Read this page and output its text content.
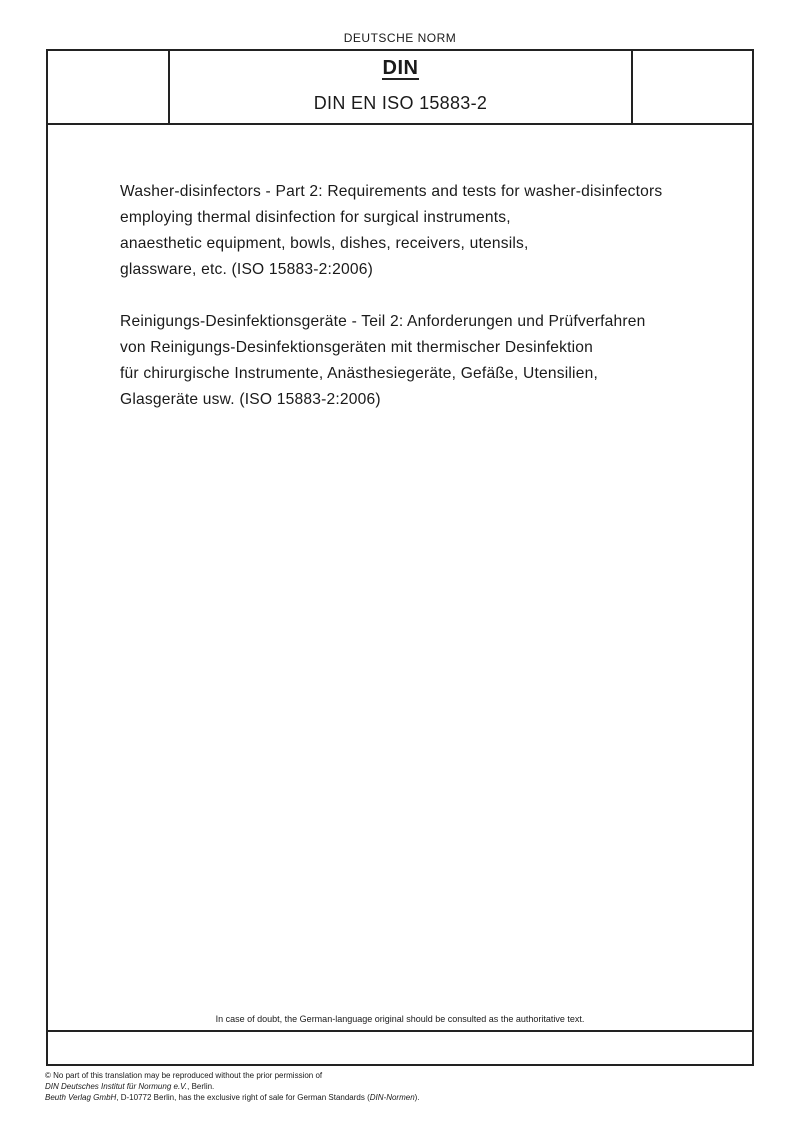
DEUTSCHE NORM
DIN
DIN EN ISO 15883-2
Washer-disinfectors - Part 2: Requirements and tests for washer-disinfectors
employing thermal disinfection for surgical instruments,
anaesthetic equipment, bowls, dishes, receivers, utensils,
glassware, etc. (ISO 15883-2:2006)
Reinigungs-Desinfektionsgeräte - Teil 2: Anforderungen und Prüfverfahren
von Reinigungs-Desinfektionsgeräten mit thermischer Desinfektion
für chirurgische Instrumente, Anästhesiegeräte, Gefäße, Utensilien,
Glasgeräte usw. (ISO 15883-2:2006)
In case of doubt, the German-language original should be consulted as the authoritative text.
© No part of this translation may be reproduced without the prior permission of
DIN Deutsches Institut für Normung e.V., Berlin.
Beuth Verlag GmbH, D-10772 Berlin, has the exclusive right of sale for German Standards (DIN-Normen).
